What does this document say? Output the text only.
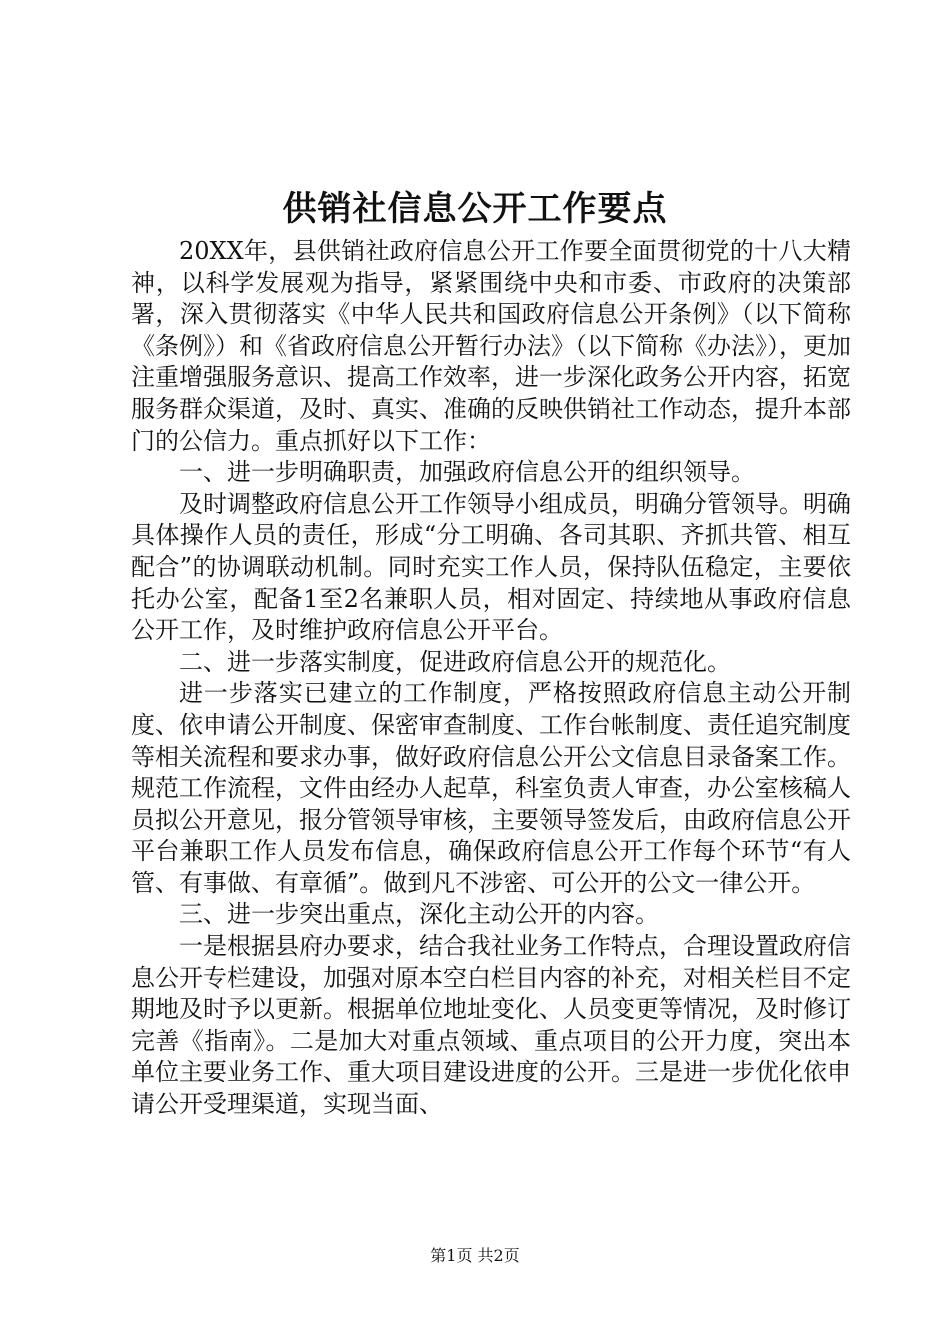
供销社信息公开工作要点

20XX年，县供销社政府信息公开工作要全面贯彻党的十八大精神，以科学发展观为指导，紧紧围绕中央和市委、市政府的决策部署，深入贯彻落实《中华人民共和国政府信息公开条例》（以下简称《条例》）和《省政府信息公开暂行办法》（以下简称《办法》），更加注重增强服务意识、提高工作效率，进一步深化政务公开内容，拓宽服务群众渠道，及时、真实、准确的反映供销社工作动态，提升本部门的公信力。重点抓好以下工作：

一、进一步明确职责，加强政府信息公开的组织领导。

及时调整政府信息公开工作领导小组成员，明确分管领导。明确具体操作人员的责任，形成“分工明确、各司其职、齐抓共管、相互配合”的协调联动机制。同时充实工作人员，保持队伍稳定，主要依托办公室，配备1至2名兼职人员，相对固定、持续地从事政府信息公开工作，及时维护政府信息公开平台。

二、进一步落实制度，促进政府信息公开的规范化。

进一步落实已建立的工作制度，严格按照政府信息主动公开制度、依申请公开制度、保密审查制度、工作台帐制度、责任追究制度等相关流程和要求办事，做好政府信息公开公文信息目录备案工作。规范工作流程，文件由经办人起草，科室负责人审查，办公室核稿人员拟公开意见，报分管领导审核，主要领导签发后，由政府信息公开平台兼职工作人员发布信息，确保政府信息公开工作每个环节“有人管、有事做、有章循”。做到凡不涉密、可公开的公文一律公开。

三、进一步突出重点，深化主动公开的内容。

一是根据县府办要求，结合我社业务工作特点，合理设置政府信息公开专栏建设，加强对原本空白栏目内容的补充，对相关栏目不定期地及时予以更新。根据单位地址变化、人员变更等情况，及时修订完善《指南》。二是加大对重点领域、重点项目的公开力度，突出本单位主要业务工作、重大项目建设进度的公开。三是进一步优化依申请公开受理渠道，实现当面、

第1页 共2页
